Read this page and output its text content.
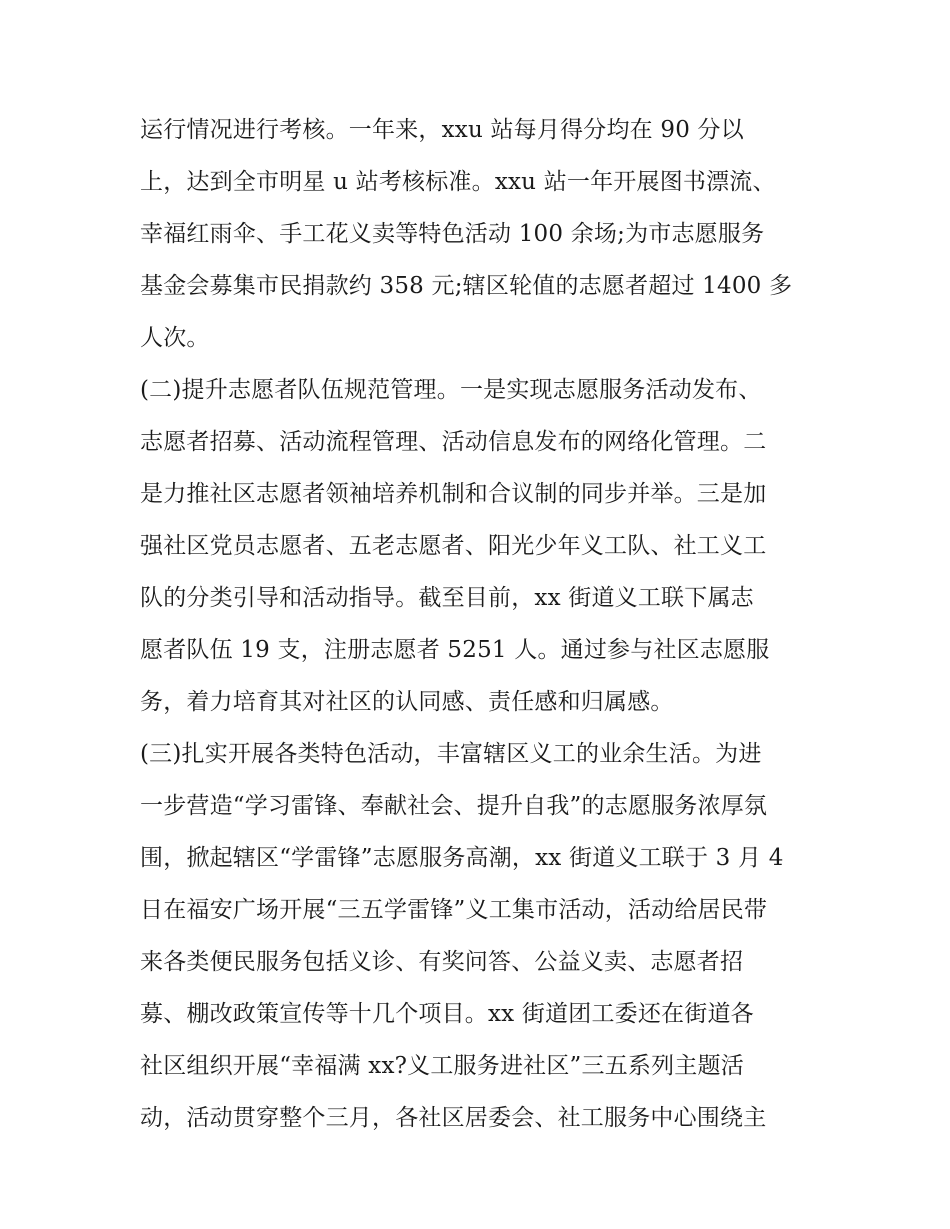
运行情况进行考核。一年来，xxu 站每月得分均在 90 分以
上，达到全市明星 u 站考核标准。xxu 站一年开展图书漂流、
幸福红雨伞、手工花义卖等特色活动 100 余场;为市志愿服务
基金会募集市民捐款约 358 元;辖区轮值的志愿者超过 1400 多
人次。
(二)提升志愿者队伍规范管理。一是实现志愿服务活动发布、
志愿者招募、活动流程管理、活动信息发布的网络化管理。二
是力推社区志愿者领袖培养机制和合议制的同步并举。三是加
强社区党员志愿者、五老志愿者、阳光少年义工队、社工义工
队的分类引导和活动指导。截至目前，xx 街道义工联下属志
愿者队伍 19 支，注册志愿者 5251 人。通过参与社区志愿服
务，着力培育其对社区的认同感、责任感和归属感。
(三)扎实开展各类特色活动，丰富辖区义工的业余生活。为进
一步营造“学习雷锋、奉献社会、提升自我”的志愿服务浓厚氛
围，掀起辖区“学雷锋”志愿服务高潮，xx 街道义工联于 3 月 4
日在福安广场开展“三五学雷锋”义工集市活动，活动给居民带
来各类便民服务包括义诊、有奖问答、公益义卖、志愿者招
募、棚改政策宣传等十几个项目。xx 街道团工委还在街道各
社区组织开展“幸福满 xx?义工服务进社区”三五系列主题活
动，活动贯穿整个三月，各社区居委会、社工服务中心围绕主
